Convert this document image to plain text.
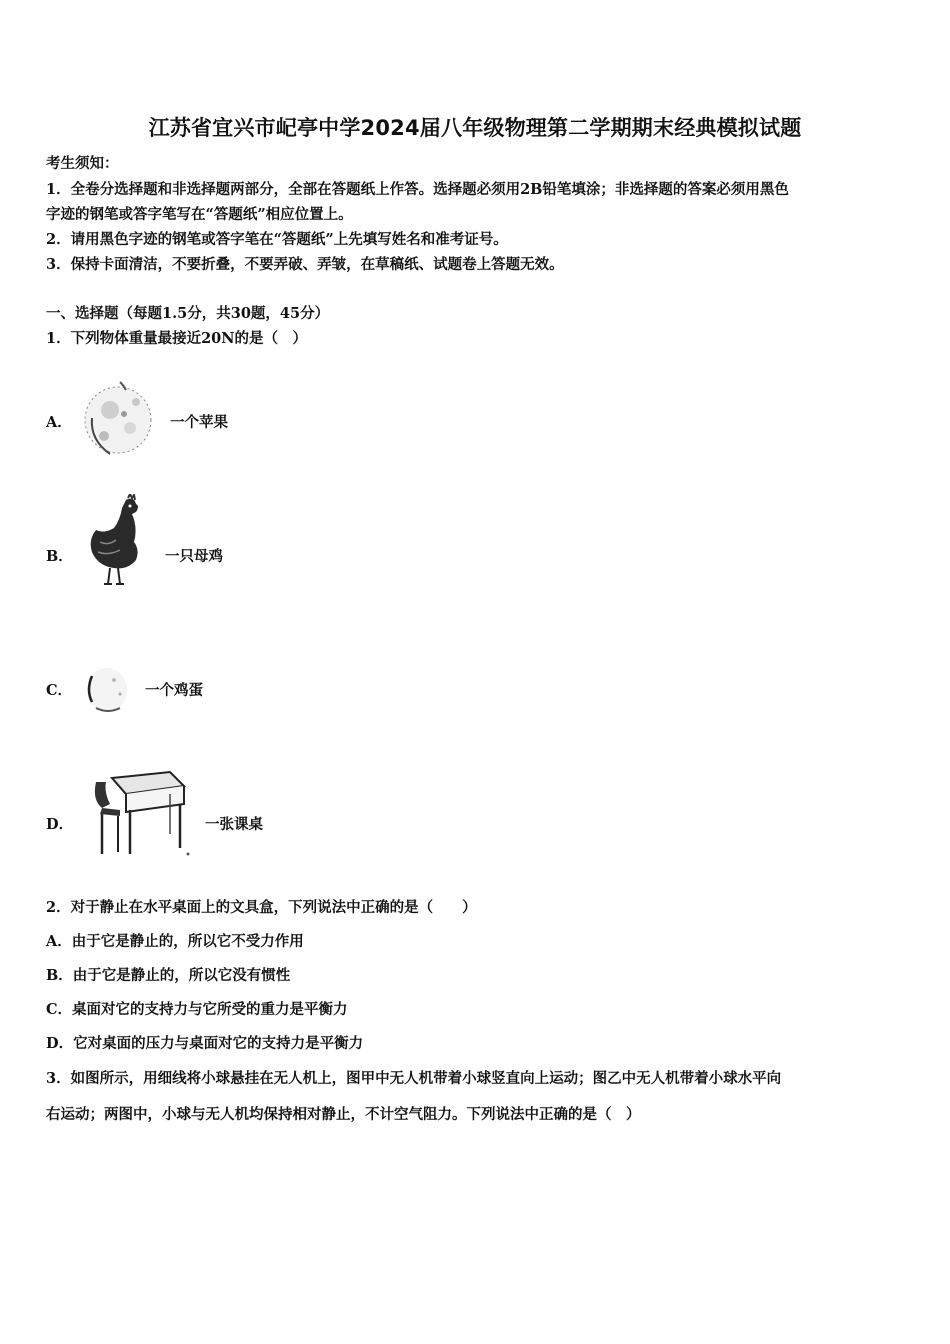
江苏省宜兴市屺亭中学2024届八年级物理第二学期期末经典模拟试题
考生须知：
1．全卷分选择题和非选择题两部分，全部在答题纸上作答。选择题必须用2B铅笔填涂；非选择题的答案必须用黑色
字迹的钢笔或答字笔写在“答题纸”相应位置上。
2．请用黑色字迹的钢笔或答字笔在“答题纸”上先填写姓名和准考证号。
3．保持卡面清洁，不要折叠，不要弄破、弄皱，在草稿纸、试题卷上答题无效。
一、选择题（每题1.5分，共30题，45分）
1．下列物体重量最接近20N的是（　）
A．	一个苹果
B．	一只母鸡
C．	一个鸡蛋
D．	一张课桌
2．对于静止在水平桌面上的文具盒，下列说法中正确的是（　　）
A．由于它是静止的，所以它不受力作用
B．由于它是静止的，所以它没有惯性
C．桌面对它的支持力与它所受的重力是平衡力
D．它对桌面的压力与桌面对它的支持力是平衡力
3．如图所示，用细线将小球悬挂在无人机上，图甲中无人机带着小球竖直向上运动；图乙中无人机带着小球水平向
右运动；两图中，小球与无人机均保持相对静止，不计空气阻力。下列说法中正确的是（　）
